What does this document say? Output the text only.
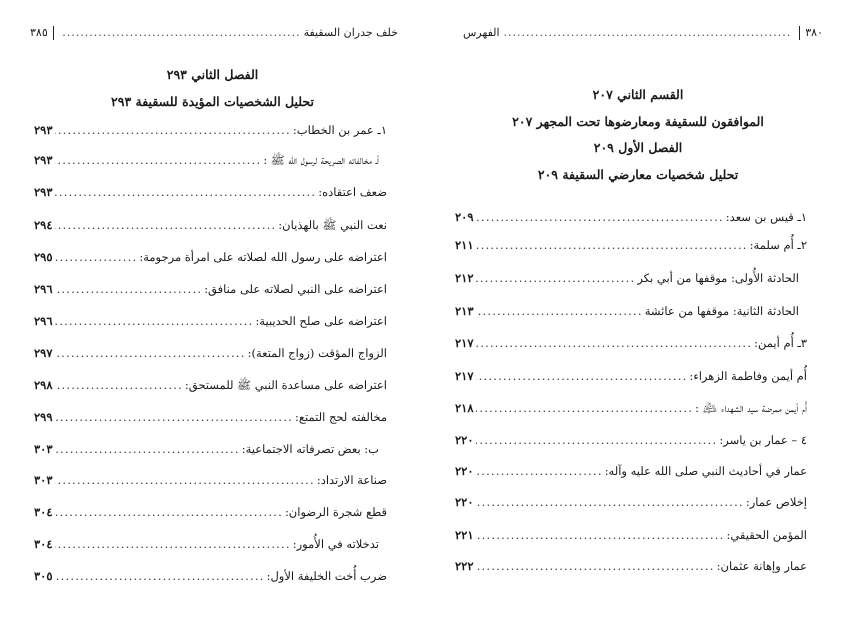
خلف جدران السقيفة
.....
٣٨٥
الفصل الثاني ٢٩٣
تحليل الشخصيات المؤيدة للسقيفة ٢٩٣
١ـ عمر بن الخطاب:
.....
٢٩٣
أـ مخالفاته الصريحة لرسول الله ﷺ :
.....
٢٩٣
ضعف اعتقاده:
.....
٢٩٣
نعت النبي ﷺ بالهذيان:
.....
٢٩٤
اعتراضه على رسول الله لصلاته على امرأة مرجومة:
.....
٢٩٥
اعتراضه على النبي لصلاته على منافق:
.....
٢٩٦
اعتراضه على صلح الحديبية:
.....
٢٩٦
الزواج المؤقت (زواج المتعة):
.....
٢٩٧
اعتراضه على مساعدة النبي ﷺ للمستحق:
.....
٢٩٨
مخالفته لحج التمتع:
.....
٢٩٩
ب: بعض تصرفاته الاجتماعية:
.....
٣٠٣
صناعة الارتداد:
.....
٣٠٣
قطع شجرة الرضوان:
.....
٣٠٤
تدخلاته في الأُمور:
.....
٣٠٤
ضرب أُخت الخليفة الأول:
.....
٣٠٥
٣٨٠
.....
الفهرس
القسم الثاني ٢٠٧
الموافقون للسقيفة ومعارضوها تحت المجهر ٢٠٧
الفصل الأول ٢٠٩
تحليل شخصيات معارضي السقيفة ٢٠٩
١ـ قيس بن سعد:
.....
٢٠٩
٢ـ أُم سلمة:
.....
٢١١
الحادثة الأُولى: موقفها من أبي بكر
.....
٢١٢
الحادثة الثانية: موقفها من عائشة
.....
٢١٣
٣ـ أُم أيمن:
.....
٢١٧
أُم أيمن وفاطمة الزهراء:
.....
٢١٧
أُم أيمن ممرضة سيد الشهداء ﵇ :
.....
٢١٨
٤ – عمار بن ياسر:
.....
٢٢٠
عمار في أحاديث النبي صلى الله عليه وآله:
.....
٢٢٠
إخلاص عمار:
.....
٢٢٠
المؤمن الحقيقي:
.....
٢٢١
عمار وإهانة عثمان:
.....
٢٢٢
